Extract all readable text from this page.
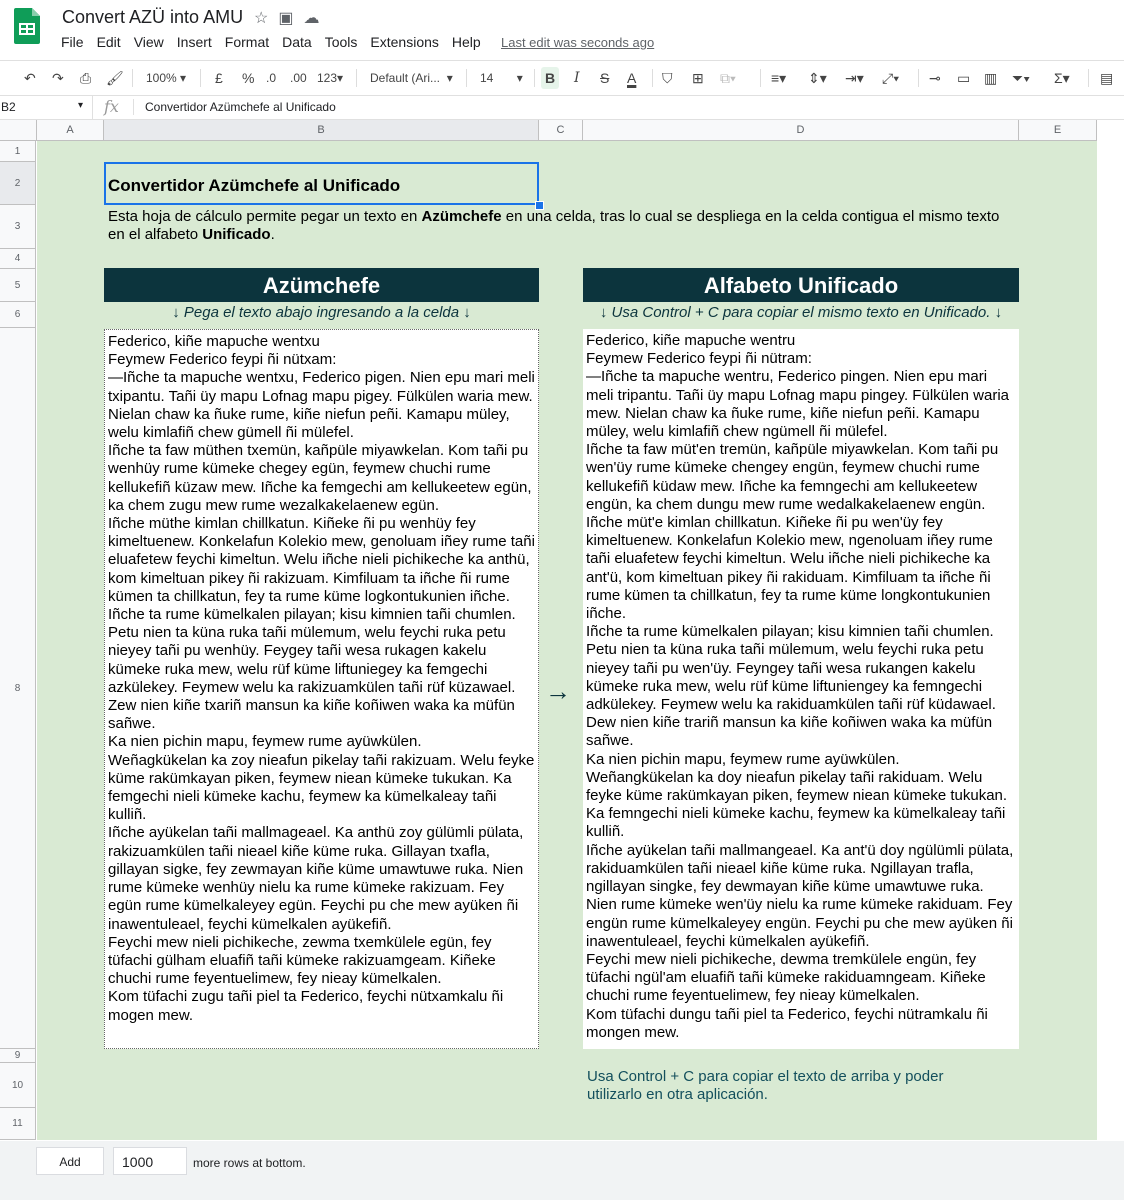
Convert AZÜ into AMU ☆ ▣ ☁
File Edit View Insert Format Data Tools Extensions Help Last edit was seconds ago
↶ ↷ ⎙ 🖌 100% ▾ £ % .0 .00 123 ▾ Default (Ari... ▾ 14 ▾ B I S A ⛉ ⊞ ⧉▾	≡▾ ⇕▾ ⇥▾ ⤢▾ ⊸ ▭ ▥ ⏷▾ Σ▾ ▤
B2	▾ fx Convertidor Azümchefe al Unificado
A	B	C	D	E
1
2
3
4
5
6
8
9
10
11
Convertidor Azümchefe al Unificado
Esta hoja de cálculo permite pegar un texto en Azümchefe en una celda, tras lo cual se despliega en la celda contigua el mismo texto en el alfabeto Unificado.
Azümchefe	Alfabeto Unificado
↓ Pega el texto abajo ingresando a la celda ↓	↓ Usa Control + C para copiar el mismo texto en Unificado. ↓
Federico, kiñe mapuche wentxu
Feymew Federico feypi ñi nütxam:
—Iñche ta mapuche wentxu, Federico pigen. Nien epu mari meli txipantu. Tañi üy mapu Lofnag mapu pigey. Fülkülen waria mew. Nielan chaw ka ñuke rume, kiñe niefun peñi. Kamapu müley, welu kimlafiñ chew gümell ñi mülefel.
Iñche ta faw müthen txemün, kañpüle miyawkelan. Kom tañi pu wenhüy rume kümeke chegey egün, feymew chuchi rume kellukefiñ küzaw mew. Iñche ka femgechi am kellukeetew egün, ka chem zugu mew rume wezalkakelaenew egün.
Iñche müthe kimlan chillkatun. Kiñeke ñi pu wenhüy fey kimeltuenew. Konkelafun Kolekio mew, genoluam iñey rume tañi eluafetew feychi kimeltun. Welu iñche nieli pichikeche ka anthü, kom kimeltuan pikey ñi rakizuam. Kimfiluam ta iñche ñi rume kümen ta chillkatun, fey ta rume küme logkontukunien iñche.
Iñche ta rume kümelkalen pilayan; kisu kimnien tañi chumlen. Petu nien ta küna ruka tañi mülemum, welu feychi ruka petu nieyey tañi pu wenhüy. Feygey tañi wesa rukagen kakelu kümeke ruka mew, welu rüf küme liftuniegey ka femgechi azkülekey. Feymew welu ka rakizuamkülen tañi rüf küzawael. Zew nien kiñe txariñ mansun ka kiñe koñiwen waka ka müfün sañwe.
Ka nien pichin mapu, feymew rume ayüwkülen.
Weñagkükelan ka zoy nieafun pikelay tañi rakizuam. Welu feyke küme rakümkayan piken, feymew niean kümeke tukukan. Ka femgechi nieli kümeke kachu, feymew ka kümelkaleay tañi kulliñ.
Iñche ayükelan tañi mallmageael. Ka anthü zoy gülümli pülata, rakizuamkülen tañi nieael kiñe küme ruka. Gillayan txafla, gillayan sigke, fey zewmayan kiñe küme umawtuwe ruka. Nien rume kümeke wenhüy nielu ka rume kümeke rakizuam. Fey egün rume kümelkaleyey egün. Feychi pu che mew ayüken ñi inawentuleael, feychi kümelkalen ayükefiñ.
Feychi mew nieli pichikeche, zewma txemkülele egün, fey tüfachi gülham eluafiñ tañi kümeke rakizuamgeam. Kiñeke chuchi rume feyentuelimew, fey nieay kümelkalen.
Kom tüfachi zugu tañi piel ta Federico, feychi nütxamkalu ñi mogen mew.
→
Federico, kiñe mapuche wentru
Feymew Federico feypi ñi nütram:
—Iñche ta mapuche wentru, Federico pingen. Nien epu mari meli tripantu. Tañi üy mapu Lofnag mapu pingey. Fülkülen waria mew. Nielan chaw ka ñuke rume, kiñe niefun peñi. Kamapu müley, welu kimlafiñ chew ngümell ñi mülefel.
Iñche ta faw müt'en tremün, kañpüle miyawkelan. Kom tañi pu wen'üy rume kümeke chengey engün, feymew chuchi rume kellukefiñ küdaw mew. Iñche ka femngechi am kellukeetew engün, ka chem dungu mew rume wedalkakelaenew engün.
Iñche müt'e kimlan chillkatun. Kiñeke ñi pu wen'üy fey kimeltuenew. Konkelafun Kolekio mew, ngenoluam iñey rume tañi eluafetew feychi kimeltun. Welu iñche nieli pichikeche ka ant'ü, kom kimeltuan pikey ñi rakiduam. Kimfiluam ta iñche ñi rume kümen ta chillkatun, fey ta rume küme longkontukunien iñche.
Iñche ta rume kümelkalen pilayan; kisu kimnien tañi chumlen. Petu nien ta küna ruka tañi mülemum, welu feychi ruka petu nieyey tañi pu wen'üy. Feyngey tañi wesa rukangen kakelu kümeke ruka mew, welu rüf küme liftuniengey ka femngechi adkülekey. Feymew welu ka rakiduamkülen tañi rüf küdawael. Dew nien kiñe trariñ mansun ka kiñe koñiwen waka ka müfün sañwe.
Ka nien pichin mapu, feymew rume ayüwkülen.
Weñangkükelan ka doy nieafun pikelay tañi rakiduam. Welu feyke küme rakümkayan piken, feymew niean kümeke tukukan. Ka femngechi nieli kümeke kachu, feymew ka kümelkaleay tañi kulliñ.
Iñche ayükelan tañi mallmangeael. Ka ant'ü doy ngülümli pülata, rakiduamkülen tañi nieael kiñe küme ruka. Ngillayan trafla, ngillayan singke, fey dewmayan kiñe küme umawtuwe ruka. Nien rume kümeke wen'üy nielu ka rume kümeke rakiduam. Fey engün rume kümelkaleyey engün. Feychi pu che mew ayüken ñi inawentuleael, feychi kümelkalen ayükefiñ.
Feychi mew nieli pichikeche, dewma tremkülele engün, fey tüfachi ngül'am eluafiñ tañi kümeke rakiduamngeam. Kiñeke chuchi rume feyentuelimew, fey nieay kümelkalen.
Kom tüfachi dungu tañi piel ta Federico, feychi nütramkalu ñi mongen mew.
Usa Control + C para copiar el texto de arriba y poder utilizarlo en otra aplicación.
Add	1000	more rows at bottom.
